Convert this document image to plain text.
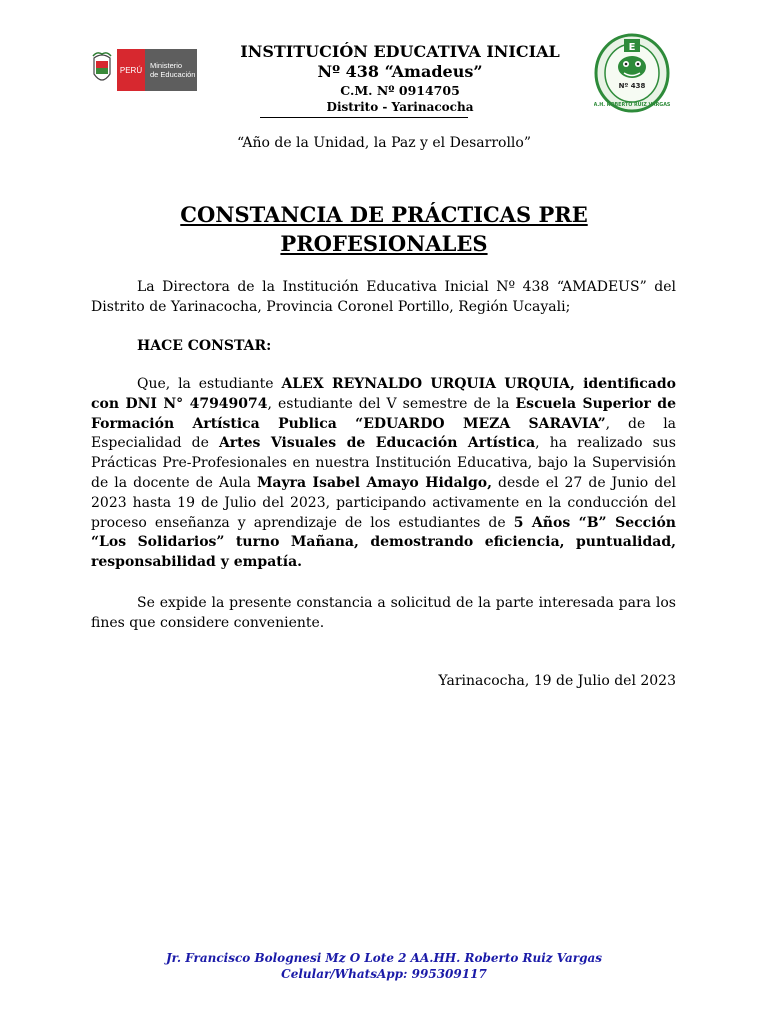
PERÚ	Ministerio
de Educación
INSTITUCIÓN EDUCATIVA INICIAL
Nº 438 “Amadeus”
C.M. Nº 0914705
Distrito - Yarinacocha
E
Nº 438
A.H. ROBERTO RUIZ VARGAS
“Año de la Unidad, la Paz y el Desarrollo”
CONSTANCIA DE PRÁCTICAS PRE
PROFESIONALES
La Directora de la Institución Educativa Inicial Nº 438 “AMADEUS” del Distrito de Yarinacocha, Provincia Coronel Portillo, Región Ucayali;
HACE CONSTAR:
Que, la estudiante ALEX REYNALDO URQUIA URQUIA, identificado con DNI N° 47949074, estudiante del V semestre de la Escuela Superior de Formación Artística Publica “EDUARDO MEZA SARAVIA”, de la Especialidad de Artes Visuales de Educación Artística, ha realizado sus Prácticas Pre-Profesionales en nuestra Institución Educativa, bajo la Supervisión de la docente de Aula Mayra Isabel Amayo Hidalgo, desde el 27 de Junio del 2023 hasta 19 de Julio del 2023, participando activamente en la conducción del proceso enseñanza y aprendizaje de los estudiantes de 5 Años “B” Sección “Los Solidarios” turno Mañana, demostrando eficiencia, puntualidad, responsabilidad y empatía.
Se expide la presente constancia a solicitud de la parte interesada para los fines que considere conveniente.
Yarinacocha, 19 de Julio del 2023
Jr. Francisco Bolognesi Mz O Lote 2 AA.HH. Roberto Ruiz Vargas
Celular/WhatsApp: 995309117
